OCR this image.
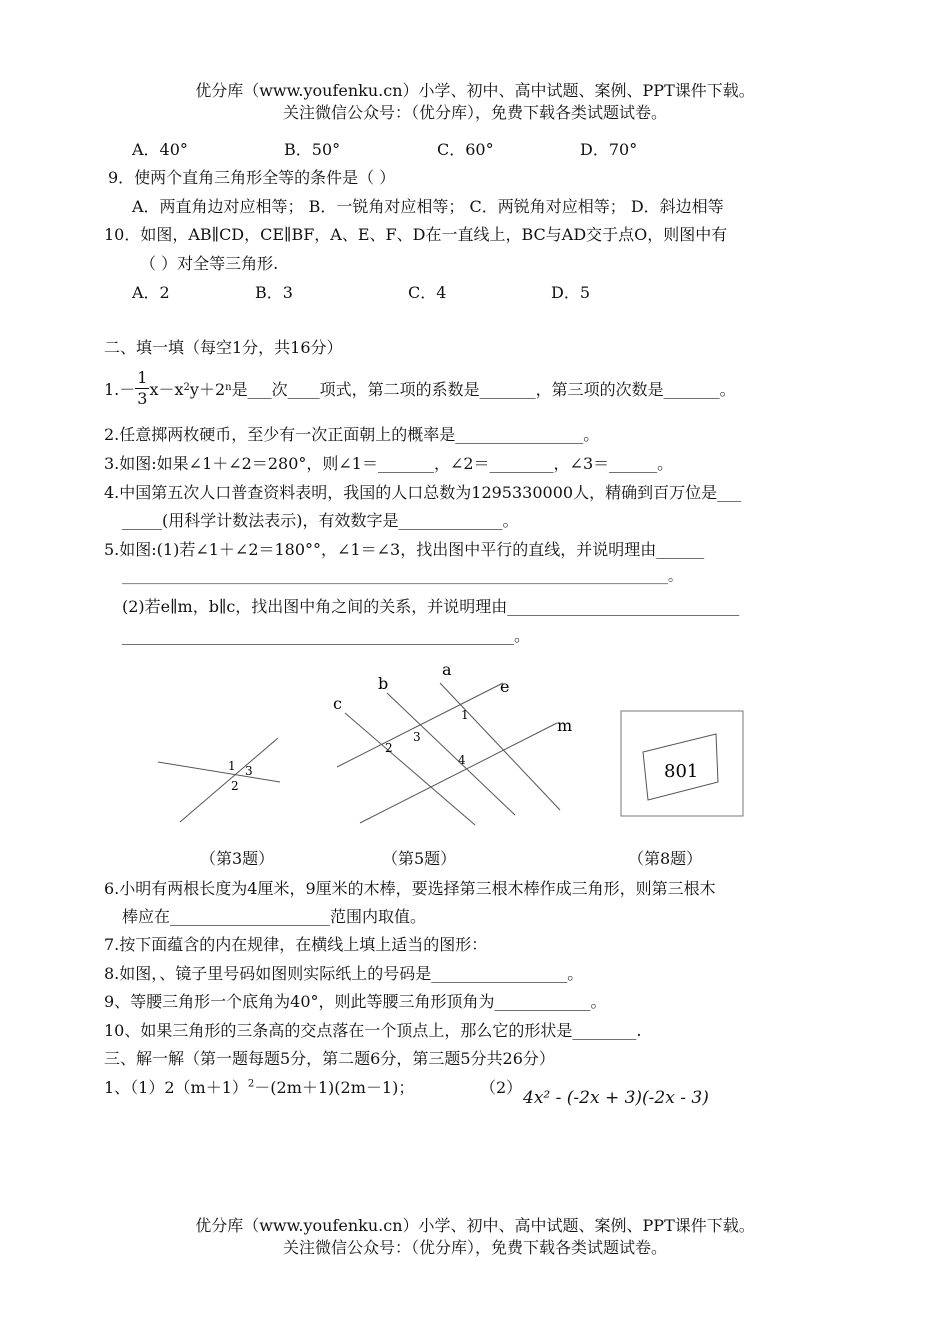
优分库（www.youfenku.cn）小学、初中、高中试题、案例、PPT课件下载。
关注微信公众号：（优分库），免费下载各类试题试卷。
A．40°	B．50°	C．60°	D．70°
9．使两个直角三角形全等的条件是（ ）
A．两直角边对应相等； B．一锐角对应相等； C．两锐角对应相等； D．斜边相等
10．如图，AB∥CD，CE∥BF，A、E、F、D在一直线上，BC与AD交于点O，则图中有
（ ）对全等三角形.
A．2	B．3	C．4	D．5
二、填一填（每空1分，共16分）
$1.- \frac{1}{3} x-x$ 2 y＋2 n 是___次____项式，第二项的系数是_______，第三项的次数是_______。
2.任意掷两枚硬币，至少有一次正面朝上的概率是________________。
3.如图:如果∠1＋∠2＝280°，则∠1＝_______，∠2＝________，∠3＝______。
4.中国第五次人口普查资料表明，我国的人口总数为1295330000人，精确到百万位是___
_____(用科学计数法表示)，有效数字是_____________。
5.如图:(1)若∠1＋∠2＝180°°，∠1＝∠3，找出图中平行的直线，并说明理由______
______________________________________________________________________________。
(2)若e∥m，b∥c，找出图中角之间的关系，并说明理由_____________________________
_________________________________________________。
1 3
2
a
b
c
e
m
1
2
3
4
801
（第3题）	（第5题）	（第8题）
6.小明有两根长度为4厘米，9厘米的木棒，要选择第三根木棒作成三角形，则第三根木
棒应在____________________范围内取值。
7.按下面蕴含的内在规律，在横线上填上适当的图形：
8.如图，、镜子里号码如图则实际纸上的号码是_________________。
9、等腰三角形一个底角为40°，则此等腰三角形顶角为____________。
10、如果三角形的三条高的交点落在一个顶点上，那么它的形状是________.
三、解一解（第一题每题5分，第二题6分，第三题5分共26分）
1、$(1)2(m+1)^2-(2m+1)(2m-1)$；	（2）
4x² - (-2x + 3)(-2x - 3)
优分库（www.youfenku.cn）小学、初中、高中试题、案例、PPT课件下载。
关注微信公众号：（优分库），免费下载各类试题试卷。
